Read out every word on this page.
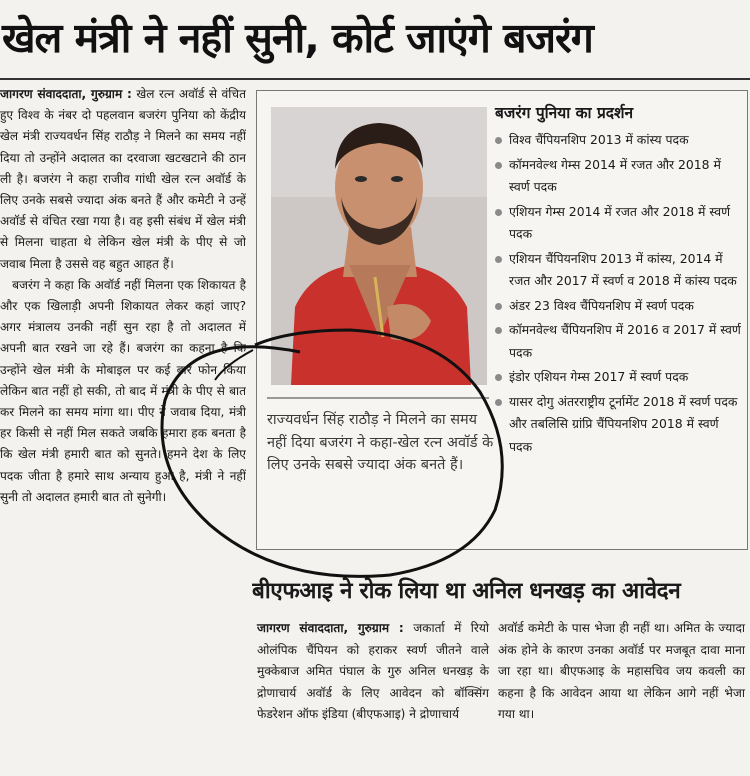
खेल मंत्री ने नहीं सुनी, कोर्ट जाएंगे बजरंग

जागरण संवाददाता, गुरुग्राम : खेल रत्न अवॉर्ड से वंचित हुए विश्व के नंबर दो पहलवान बजरंग पुनिया को केंद्रीय खेल मंत्री राज्यवर्धन सिंह राठौड़ ने मिलने का समय नहीं दिया तो उन्होंने अदालत का दरवाजा खटखटाने की ठान ली है। बजरंग ने कहा राजीव गांधी खेल रत्न अवॉर्ड के लिए उनके सबसे ज्यादा अंक बनते हैं और कमेटी ने उन्हें अवॉर्ड से वंचित रखा गया है। वह इसी संबंध में खेल मंत्री से मिलना चाहता थे लेकिन खेल मंत्री के पीए से जो जवाब मिला है उससे वह बहुत आहत हैं।

बजरंग ने कहा कि अवॉर्ड नहीं मिलना एक शिकायत है और एक खिलाड़ी अपनी शिकायत लेकर कहां जाए? अगर मंत्रालय उनकी नहीं सुन रहा है तो अदालत में अपनी बात रखने जा रहे हैं। बजरंग का कहना है कि उन्होंने खेल मंत्री के मोबाइल पर कई बार फोन किया लेकिन बात नहीं हो सकी, तो बाद में मंत्री के पीए से बात कर मिलने का समय मांगा था। पीए ने जवाब दिया, मंत्री हर किसी से नहीं मिल सकते जबकि हमारा हक बनता है कि खेल मंत्री हमारी बात को सुनते। हमने देश के लिए पदक जीता है हमारे साथ अन्याय हुआ है, मंत्री ने नहीं सुनी तो अदालत हमारी बात तो सुनेगी।

राज्यवर्धन सिंह राठौड़ ने मिलने का समय नहीं दिया बजरंग ने कहा-खेल रत्न अवॉर्ड के लिए उनके सबसे ज्यादा अंक बनते हैं।
बजरंग पुनिया का प्रदर्शन
विश्व चैंपियनशिप 2013 में कांस्य पदक
कॉमनवेल्थ गेम्स 2014 में रजत और 2018 में स्वर्ण पदक
एशियन गेम्स 2014 में रजत और 2018 में स्वर्ण पदक
एशियन चैंपियनशिप 2013 में कांस्य, 2014 में रजत और 2017 में स्वर्ण व 2018 में कांस्य पदक
अंडर 23 विश्व चैंपियनशिप में स्वर्ण पदक
कॉमनवेल्थ चैंपियनशिप में 2016 व 2017 में स्वर्ण पदक
इंडोर एशियन गेम्स 2017 में स्वर्ण पदक
यासर दोगु अंतरराष्ट्रीय टूर्नामेंट 2018 में स्वर्ण पदक और तबलिसि ग्रांप्रि चैंपियनशिप 2018 में स्वर्ण पदक
बीएफआइ ने रोक लिया था अनिल धनखड़ का आवेदन
जागरण संवाददाता, गुरुग्राम : जकार्ता में रियो ओलंपिक चैंपियन को हराकर स्वर्ण जीतने वाले मुक्केबाज अमित पंघाल के गुरु अनिल धनखड़ के द्रोणाचार्य अवॉर्ड के लिए आवेदन को बॉक्सिंग फेडरेशन ऑफ इंडिया (बीएफआइ) ने द्रोणाचार्य
अवॉर्ड कमेटी के पास भेजा ही नहीं था। अमित के ज्यादा अंक होने के कारण उनका अवॉर्ड पर मजबूत दावा माना जा रहा था। बीएफआइ के महासचिव जय कवली का कहना है कि आवेदन आया था लेकिन आगे नहीं भेजा गया था।
